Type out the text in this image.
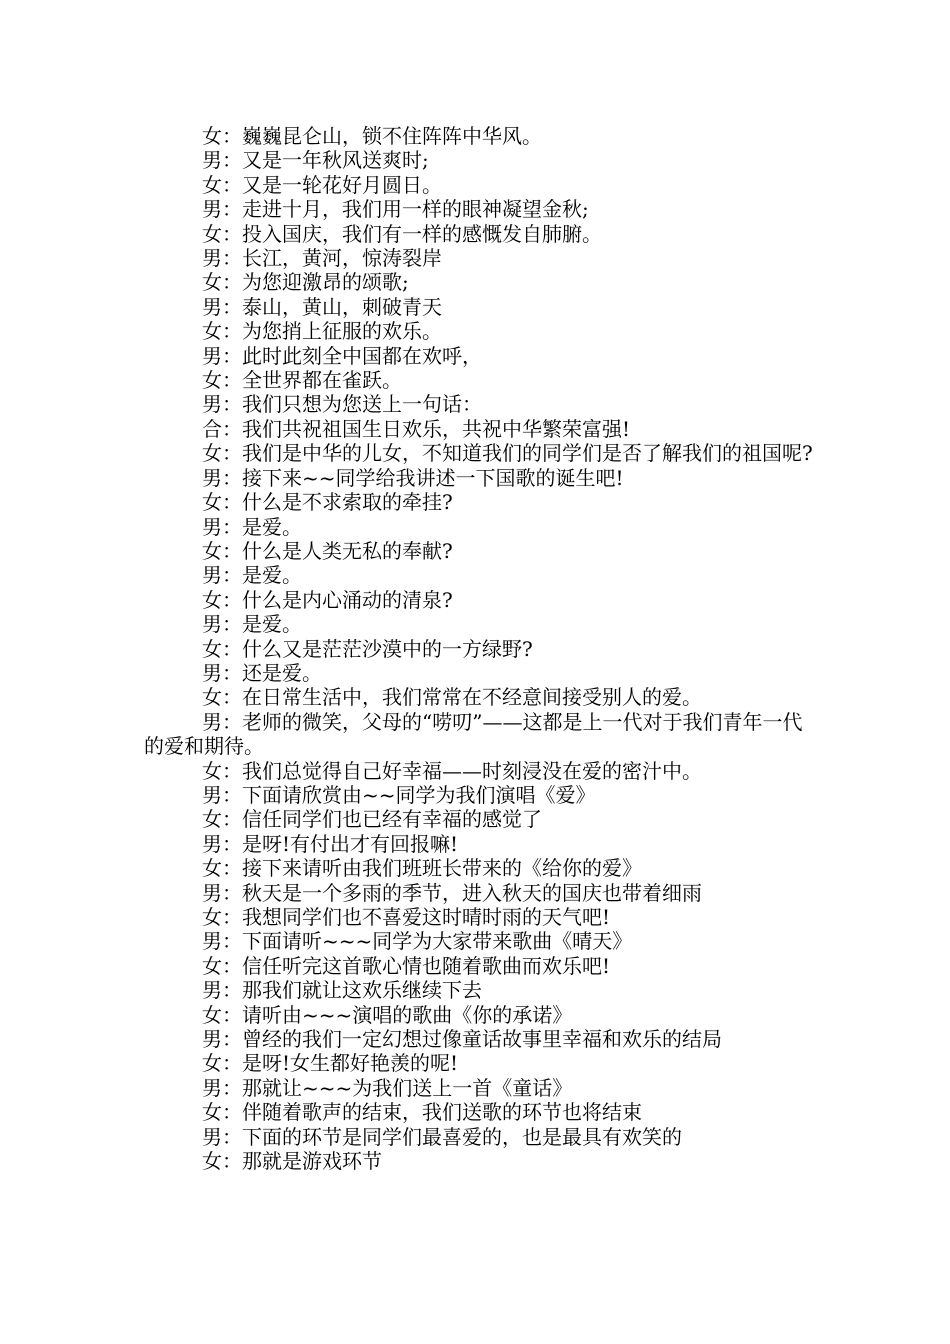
女：巍巍昆仑山，锁不住阵阵中华风。

男：又是一年秋风送爽时;

女：又是一轮花好月圆日。

男：走进十月，我们用一样的眼神凝望金秋;

女：投入国庆，我们有一样的感慨发自肺腑。

男：长江，黄河，惊涛裂岸

女：为您迎激昂的颂歌;

男：泰山，黄山，刺破青天

女：为您捎上征服的欢乐。

男：此时此刻全中国都在欢呼，

女：全世界都在雀跃。

男：我们只想为您送上一句话：

合：我们共祝祖国生日欢乐，共祝中华繁荣富强!

女：我们是中华的儿女，不知道我们的同学们是否了解我们的祖国呢?

男：接下来~~同学给我讲述一下国歌的诞生吧!

女：什么是不求索取的牵挂?

男：是爱。

女：什么是人类无私的奉献?

男：是爱。

女：什么是内心涌动的清泉?

男：是爱。

女：什么又是茫茫沙漠中的一方绿野?

男：还是爱。

女：在日常生活中，我们常常在不经意间接受别人的爱。

男：老师的微笑，父母的“唠叨”——这都是上一代对于我们青年一代的爱和期待。

女：我们总觉得自己好幸福——时刻浸没在爱的密汁中。

男：下面请欣赏由~~同学为我们演唱《爱》

女：信任同学们也已经有幸福的感觉了

男：是呀!有付出才有回报嘛!

女：接下来请听由我们班班长带来的《给你的爱》

男：秋天是一个多雨的季节，进入秋天的国庆也带着细雨

女：我想同学们也不喜爱这时晴时雨的天气吧!

男：下面请听~~~同学为大家带来歌曲《晴天》

女：信任听完这首歌心情也随着歌曲而欢乐吧!

男：那我们就让这欢乐继续下去

女：请听由~~~演唱的歌曲《你的承诺》

男：曾经的我们一定幻想过像童话故事里幸福和欢乐的结局

女：是呀!女生都好艳羡的呢!

男：那就让~~~为我们送上一首《童话》

女：伴随着歌声的结束，我们送歌的环节也将结束

男：下面的环节是同学们最喜爱的，也是最具有欢笑的

女：那就是游戏环节
